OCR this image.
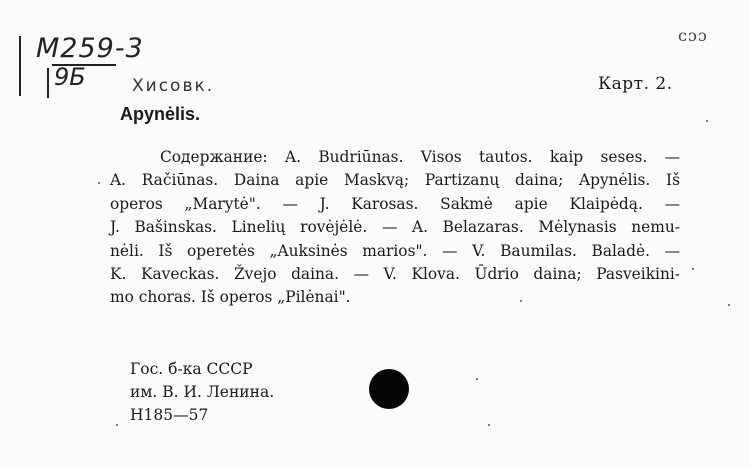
M259-3
9Б	Хисовк.
ᴄᴐɔ
Карт. 2.
Apynėlis.
Содержание: A. Budriūnas. Visos tautos. kaip seses. —
A. Račiūnas. Daina apie Maskvą; Partizanų daina; Apynėlis. Iš
operos „Marytė". — J. Karosas. Sakmė apie Klaipėdą. —
J. Bašinskas. Linelių rovėjėlė. — A. Belazaras. Mėlynasis nemu-
nėli. Iš operetės „Auksinės marios". — V. Baumilas. Baladė. —
K. Kaveckas. Žvejo daina. — V. Klova. Ūdrio daina; Pasveikini-
mo choras. Iš operos „Pilėnai".
Гос. б-ка СССР
им. В. И. Ленина.
Н185—57
